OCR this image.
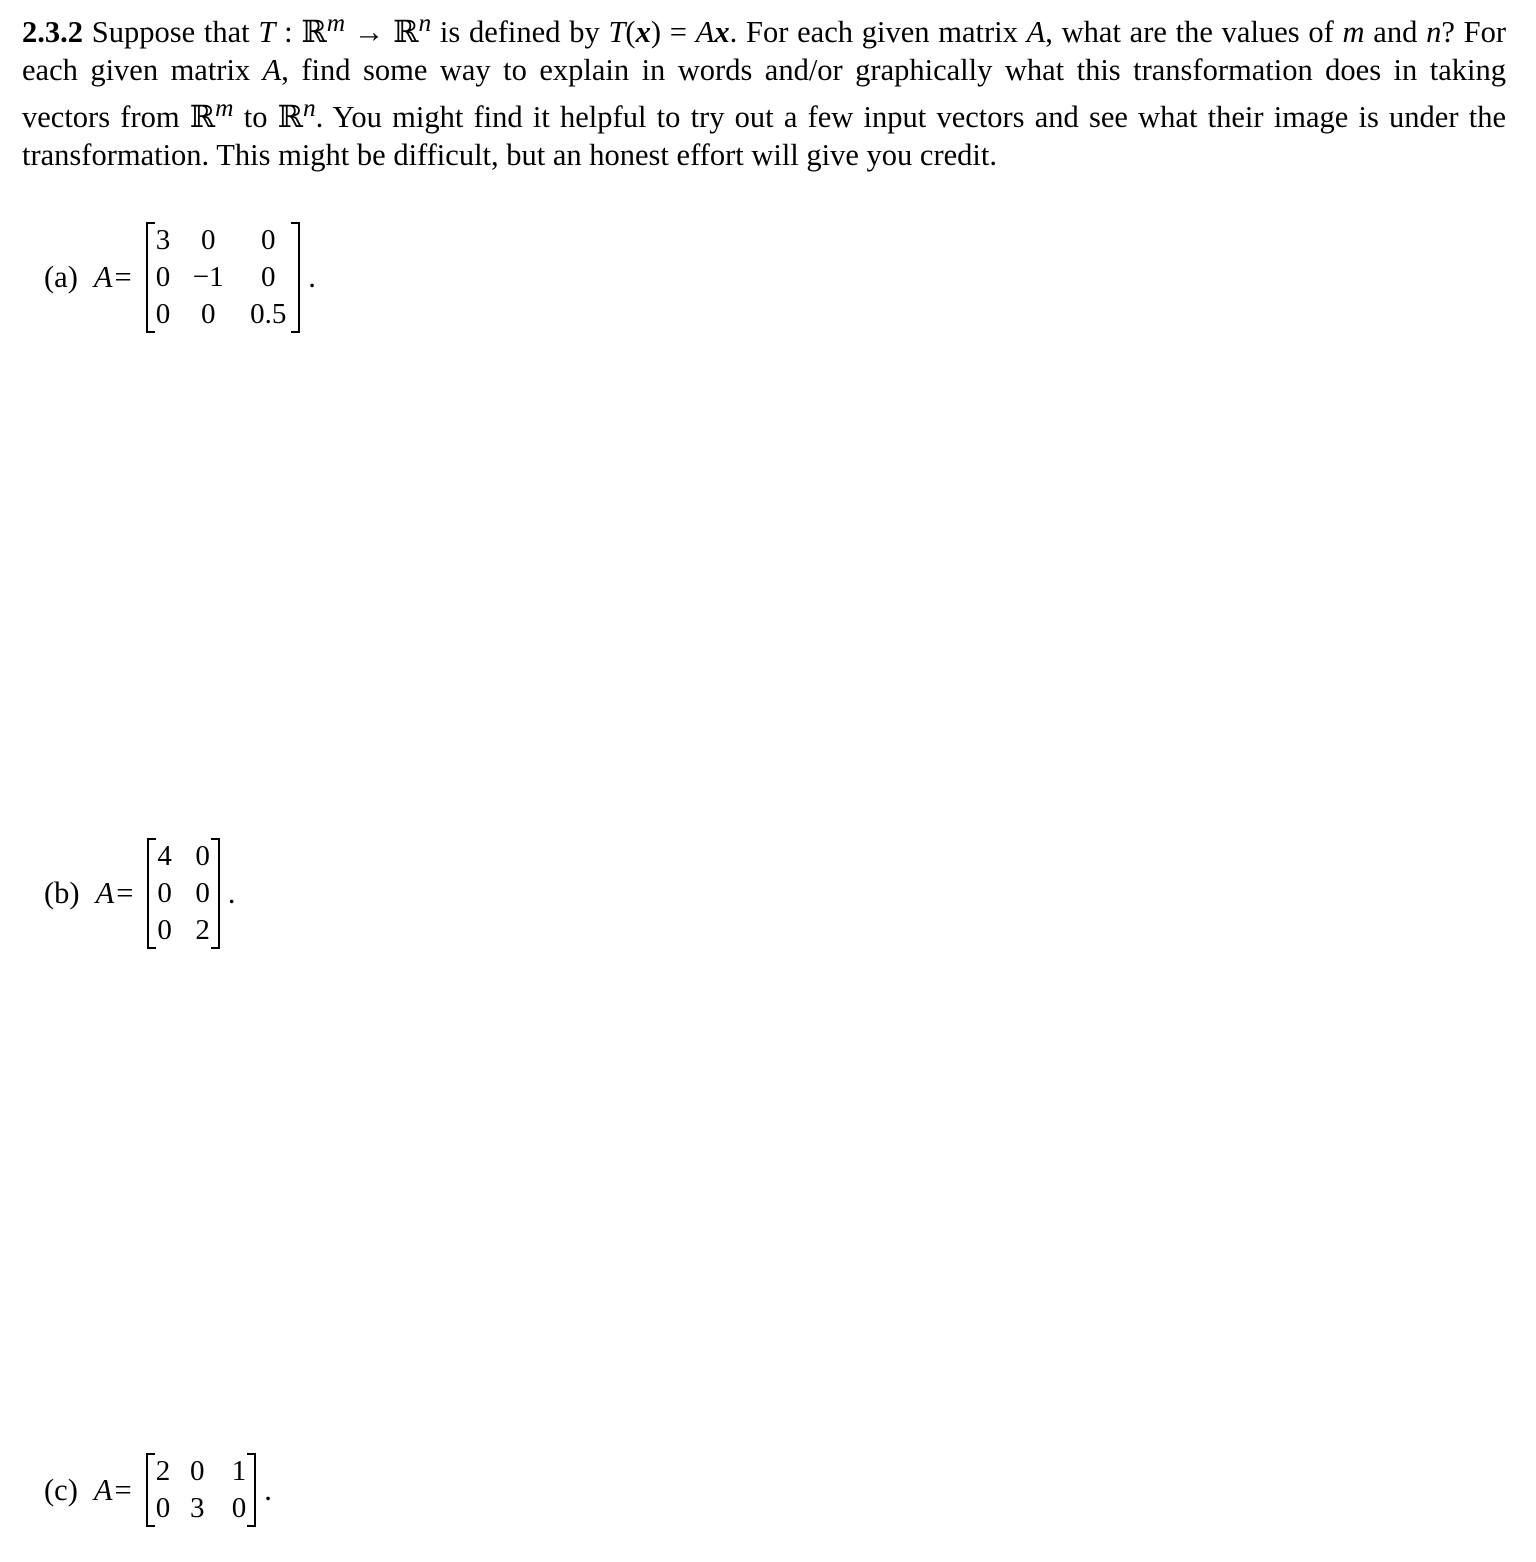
2.3.2 Suppose that T : ℝ$^m$ → ℝ$^n$ is defined by T(x) = Ax. For each given matrix A, what are the values of m and n? For each given matrix A, find some way to explain in words and/or graphically what this transformation does in taking vectors from ℝ$^m$ to ℝ$^n$. You might find it helpful to try out a few input vectors and see what their image is under the transformation. This might be difficult, but an honest effort will give you credit.
(a) A =
3	0	0
0	−1	0
0	0	0.5
.
(b) A =
4	0
0	0
0	2
.
(c) A =
2	0	1
0	3	0
.
